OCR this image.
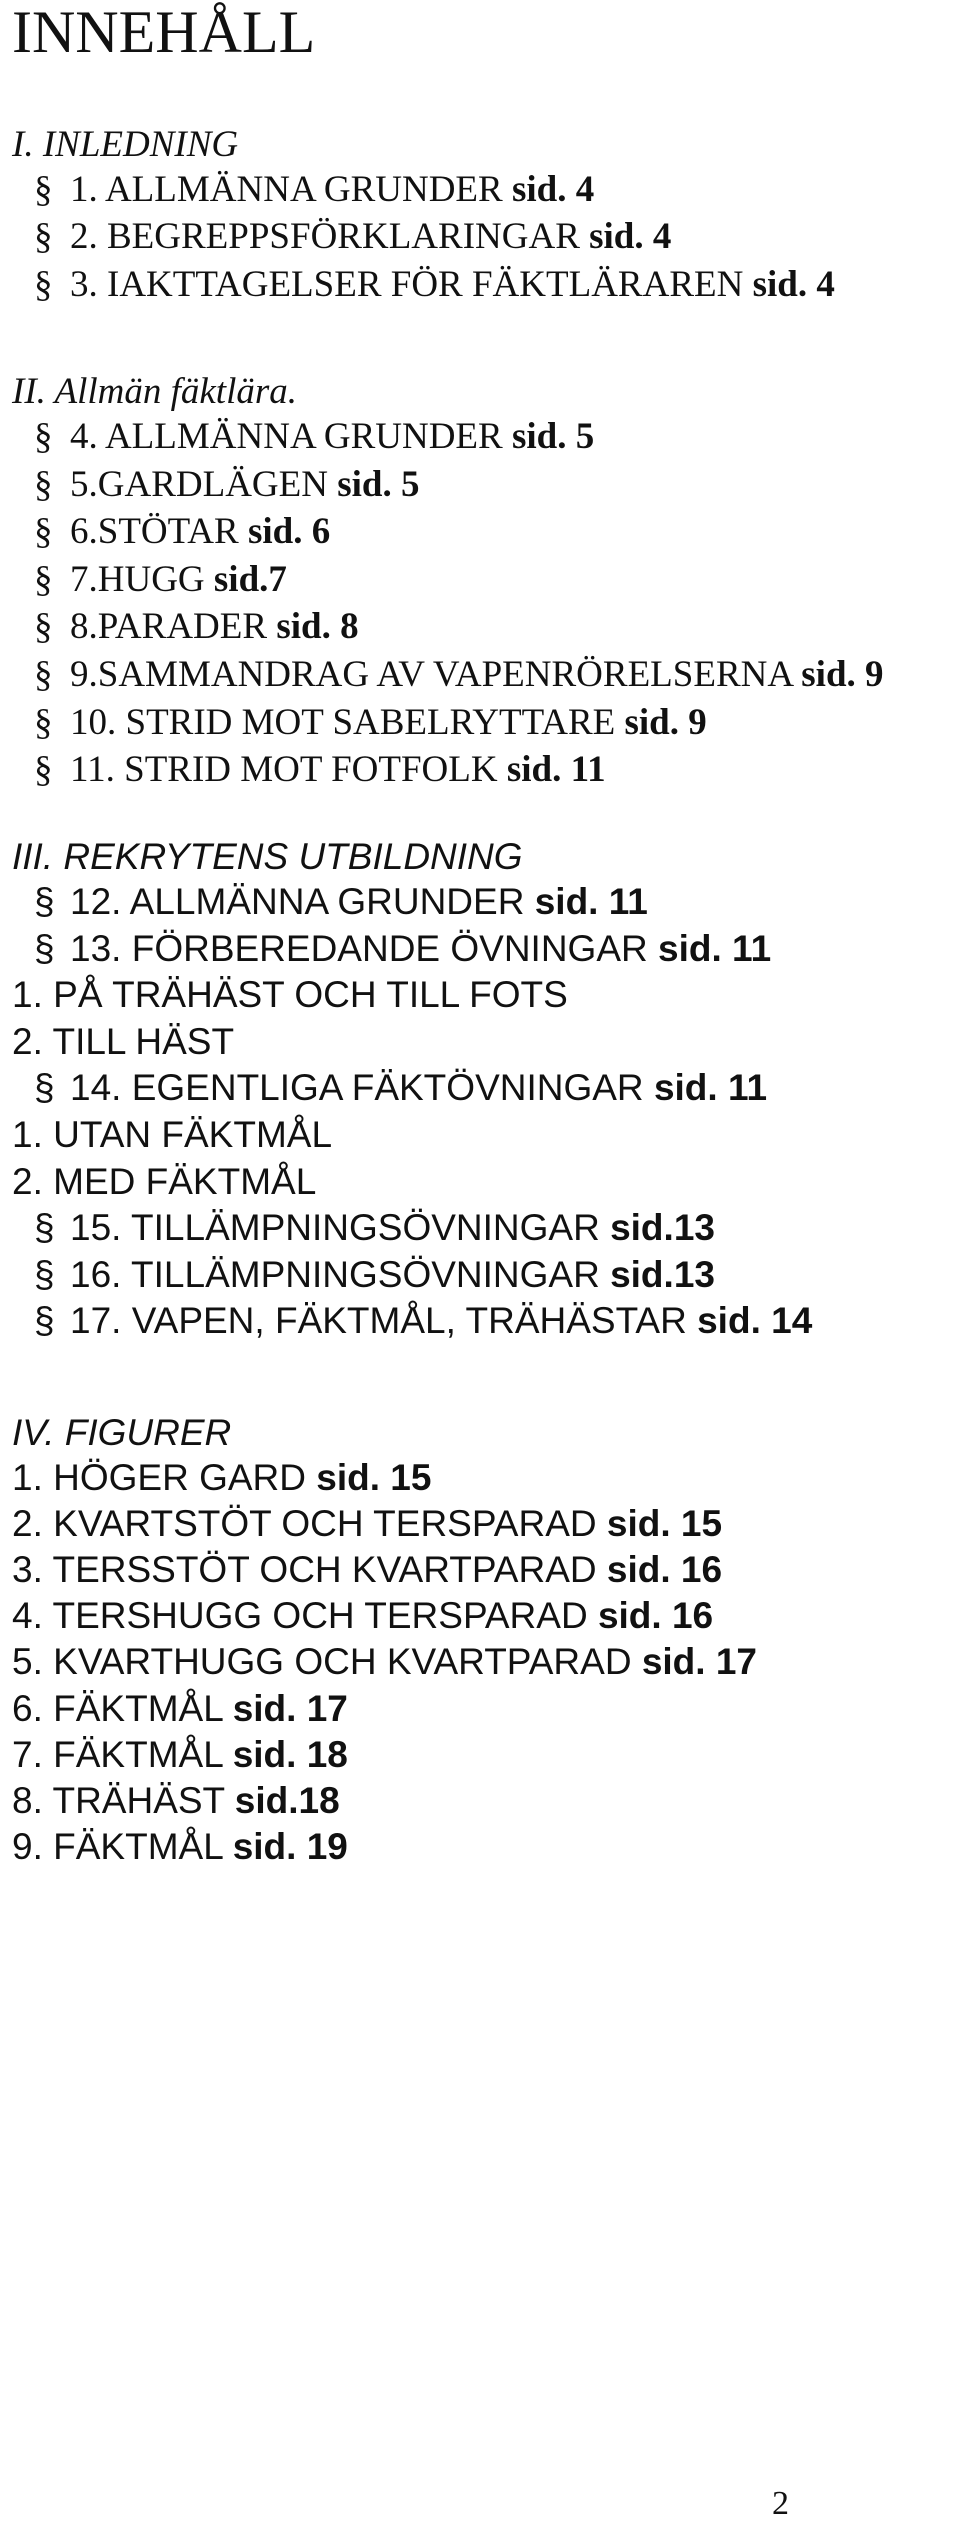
INNEHÅLL
I. INLEDNING
§ 1. ALLMÄNNA GRUNDER sid. 4
§ 2. BEGREPPSFÖRKLARINGAR sid. 4
§ 3. IAKTTAGELSER FÖR FÄKTLÄRAREN sid. 4
II. Allmän fäktlära.
§ 4. ALLMÄNNA GRUNDER sid. 5
§ 5.GARDLÄGEN sid. 5
§ 6.STÖTAR sid. 6
§ 7.HUGG sid.7
§ 8.PARADER sid. 8
§ 9.SAMMANDRAG AV VAPENRÖRELSERNA sid. 9
§ 10. STRID MOT SABELRYTTARE sid. 9
§ 11. STRID MOT FOTFOLK sid. 11
III. REKRYTENS UTBILDNING
§ 12. ALLMÄNNA GRUNDER sid. 11
§ 13. FÖRBEREDANDE ÖVNINGAR sid. 11
1. PÅ TRÄHÄST OCH TILL FOTS
2. TILL HÄST
§ 14. EGENTLIGA FÄKTÖVNINGAR sid. 11
1. UTAN FÄKTMÅL
2. MED FÄKTMÅL
§ 15. TILLÄMPNINGSÖVNINGAR sid.13
§ 16. TILLÄMPNINGSÖVNINGAR sid.13
§ 17. VAPEN, FÄKTMÅL, TRÄHÄSTAR sid. 14
IV. FIGURER
1. HÖGER GARD sid. 15
2. KVARTSTÖT OCH TERSPARAD sid. 15
3. TERSSTÖT OCH KVARTPARAD sid. 16
4. TERSHUGG OCH TERSPARAD sid. 16
5. KVARTHUGG OCH KVARTPARAD sid. 17
6. FÄKTMÅL sid. 17
7. FÄKTMÅL sid. 18
8. TRÄHÄST sid.18
9. FÄKTMÅL sid. 19
2
